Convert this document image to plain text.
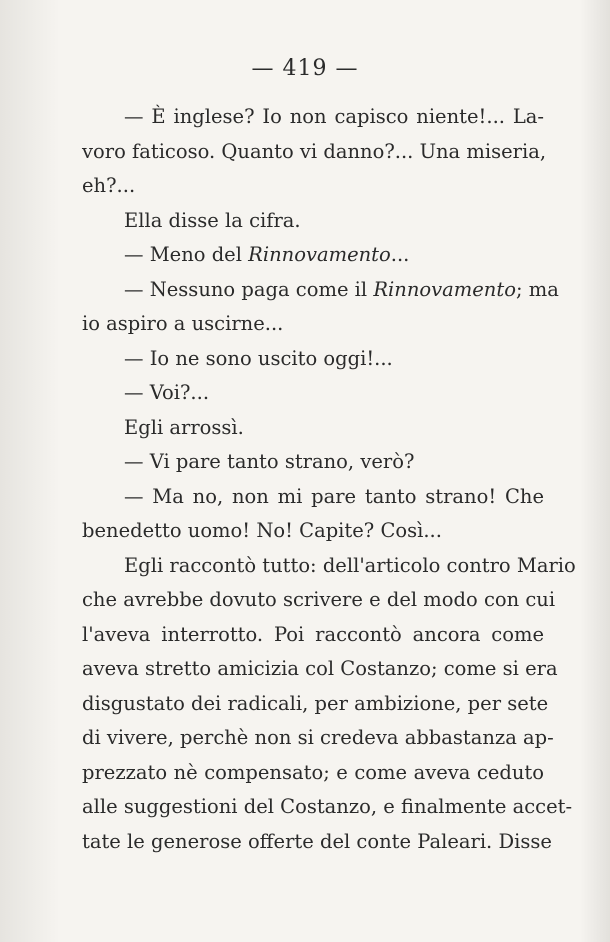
— 419 —
— È inglese? Io non capisco niente!... La-
voro faticoso. Quanto vi danno?... Una miseria,
eh?...
Ella disse la cifra.
— Meno del Rinnovamento...
— Nessuno paga come il Rinnovamento; ma
io aspiro a uscirne...
— Io ne sono uscito oggi!...
— Voi?...
Egli arrossì.
— Vi pare tanto strano, verò?
— Ma no, non mi pare tanto strano! Che
benedetto uomo! No! Capite? Così...
Egli raccontò tutto: dell'articolo contro Mario
che avrebbe dovuto scrivere e del modo con cui
l'aveva interrotto. Poi raccontò ancora come
aveva stretto amicizia col Costanzo; come si era
disgustato dei radicali, per ambizione, per sete
di vivere, perchè non si credeva abbastanza ap-
prezzato nè compensato; e come aveva ceduto
alle suggestioni del Costanzo, e finalmente accet-
tate le generose offerte del conte Paleari. Disse
